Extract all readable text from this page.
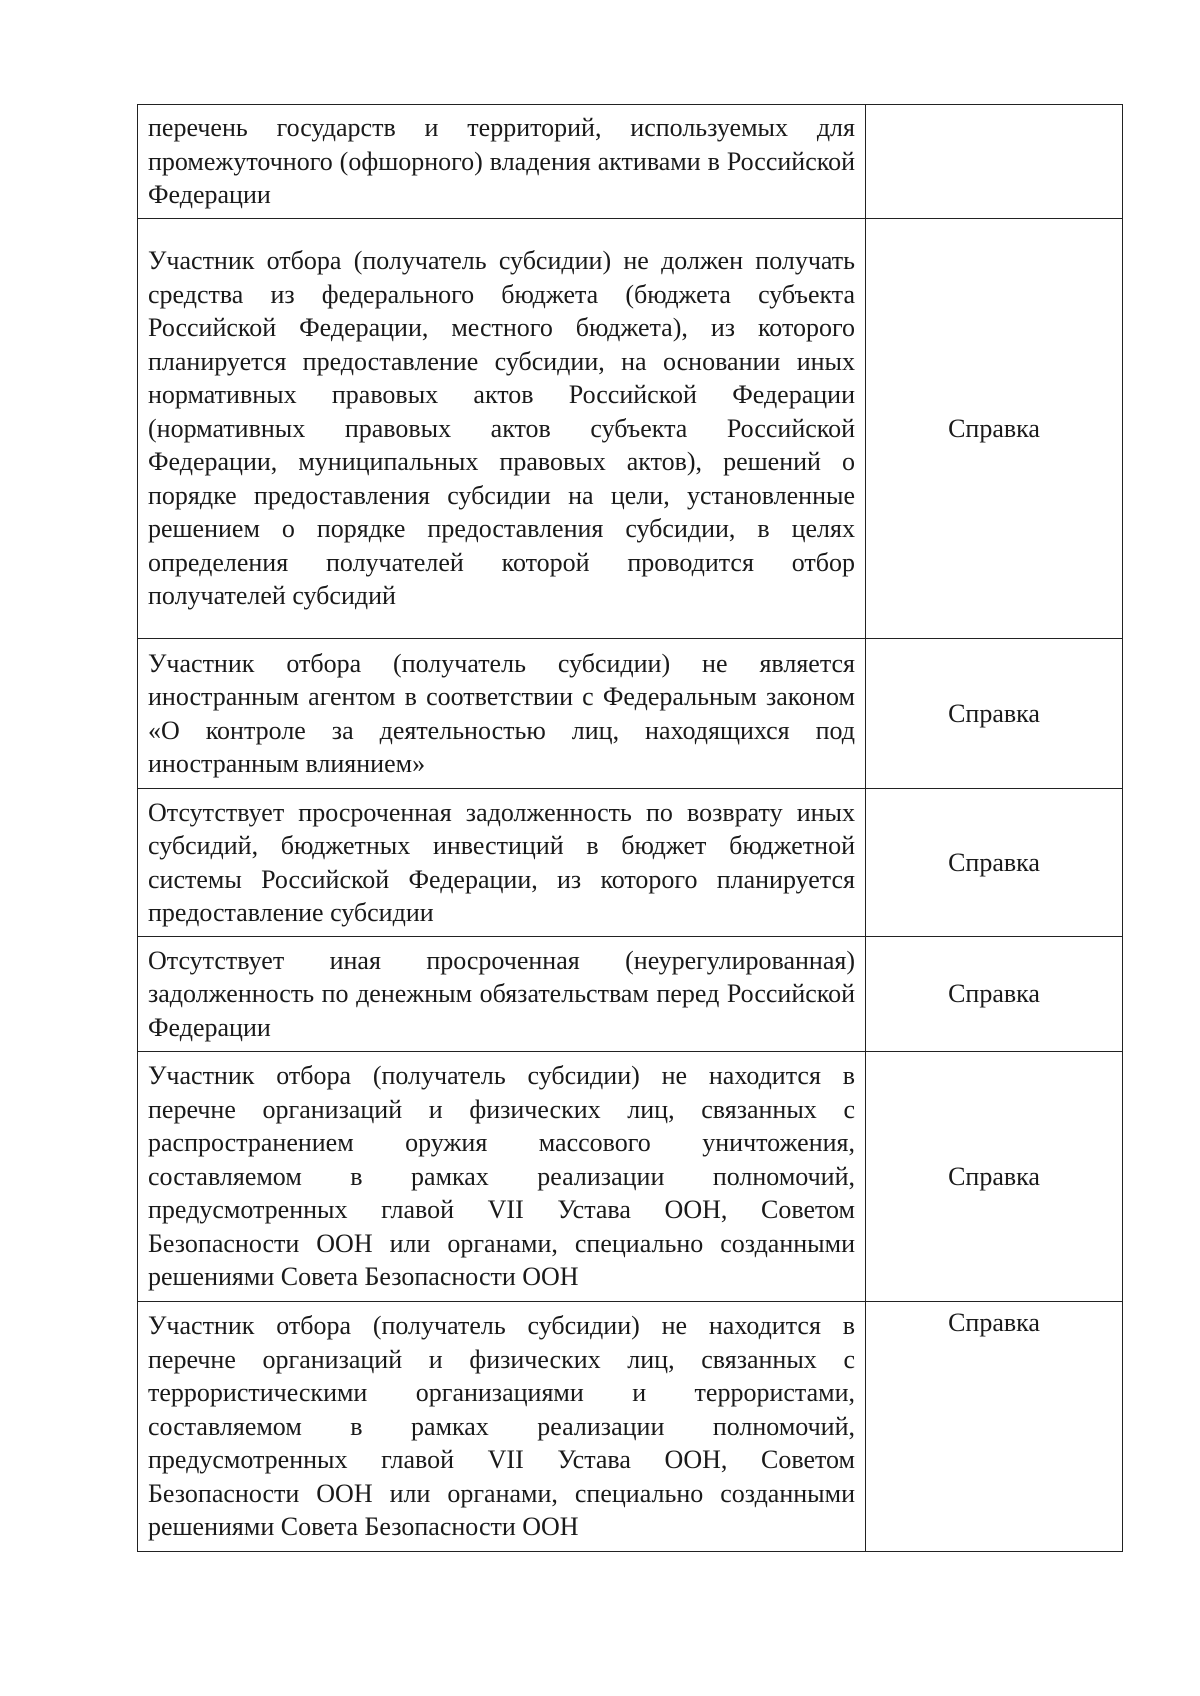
перечень государств и территорий, используемых для промежуточного (офшорного) владения активами в Российской Федерации	
Участник отбора (получатель субсидии) не должен получать средства из федерального бюджета (бюджета субъекта Российской Федерации, местного бюджета), из которого планируется предоставление субсидии, на основании иных нормативных правовых актов Российской Федерации (нормативных правовых актов субъекта Российской Федерации, муниципальных правовых актов), решений о порядке предоставления субсидии на цели, установленные решением о порядке предоставления субсидии, в целях определения получателей которой проводится отбор получателей субсидий	Справка
Участник отбора (получатель субсидии) не является иностранным агентом в соответствии с Федеральным законом «О контроле за деятельностью лиц, находящихся под иностранным влиянием»	Справка
Отсутствует просроченная задолженность по возврату иных субсидий, бюджетных инвестиций в бюджет бюджетной системы Российской Федерации, из которого планируется предоставление субсидии	Справка
Отсутствует иная просроченная (неурегулированная) задолженность по денежным обязательствам перед Российской Федерации	Справка
Участник отбора (получатель субсидии) не находится в перечне организаций и физических лиц, связанных с распространением оружия массового уничтожения, составляемом в рамках реализации полномочий, предусмотренных главой VII Устава ООН, Советом Безопасности ООН или органами, специально созданными решениями Совета Безопасности ООН	Справка
Участник отбора (получатель субсидии) не находится в перечне организаций и физических лиц, связанных с террористическими организациями и террористами, составляемом в рамках реализации полномочий, предусмотренных главой VII Устава ООН, Советом Безопасности ООН или органами, специально созданными решениями Совета Безопасности ООН	Справка
